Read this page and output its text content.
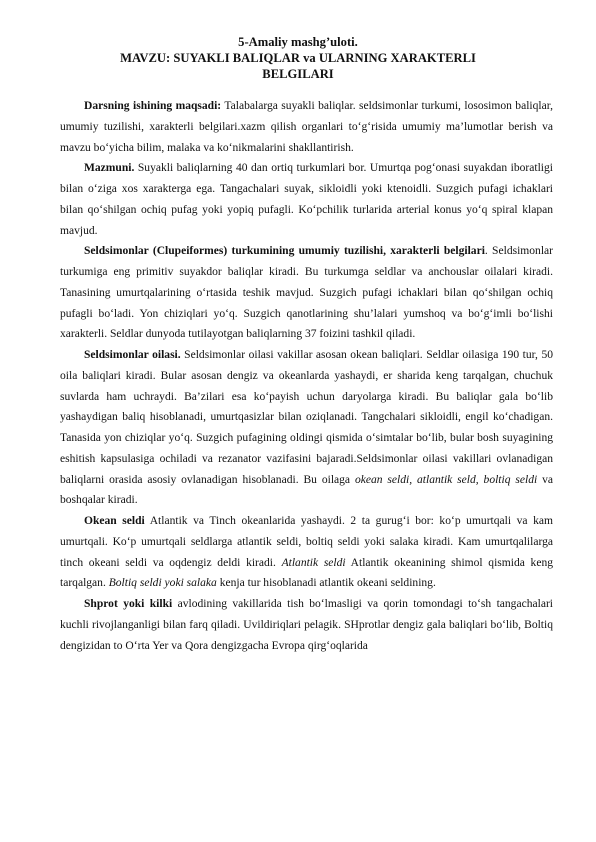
5-Amaliy mashg’uloti.
MAVZU: SUYAKLI BALIQLAR va ULARNING XARAKTERLI
BELGILARI

Darsning ishining maqsadi: Talabalarga suyakli baliqlar. seldsimonlar turkumi, lososimon baliqlar, umumiy tuzilishi, xarakterli belgilari.xazm qilish organlari to‘g‘risida umumiy ma’lumotlar berish va mavzu bo‘yicha bilim, malaka va ko‘nikmalarini shakllantirish.

Mazmuni. Suyakli baliqlarning 40 dan ortiq turkumlari bor. Umurtqa pog‘onasi suyakdan iboratligi bilan o‘ziga xos xarakterga ega. Tangachalari suyak, sikloidli yoki ktenoidli. Suzgich pufagi ichaklari bilan qo‘shilgan ochiq pufag yoki yopiq pufagli. Ko‘pchilik turlarida arterial konus yo‘q spiral klapan mavjud.

Seldsimonlar (Clupeiformes) turkumining umumiy tuzilishi, xarakterli belgilari. Seldsimonlar turkumiga eng primitiv suyakdor baliqlar kiradi. Bu turkumga seldlar va anchouslar oilalari kiradi. Tanasining umurtqalarining o‘rtasida teshik mavjud. Suzgich pufagi ichaklari bilan qo‘shilgan ochiq pufagli bo‘ladi. Yon chiziqlari yo‘q. Suzgich qanotlarining shu’lalari yumshoq va bo‘g‘imli bo‘lishi xarakterli. Seldlar dunyoda tutilayotgan baliqlarning 37 foizini tashkil qiladi.

Seldsimonlar oilasi. Seldsimonlar oilasi vakillar asosan okean baliqlari. Seldlar oilasiga 190 tur, 50 oila baliqlari kiradi. Bular asosan dengiz va okeanlarda yashaydi, er sharida keng tarqalgan, chuchuk suvlarda ham uchraydi. Ba’zilari esa ko‘payish uchun daryolarga kiradi. Bu baliqlar gala bo‘lib yashaydigan baliq hisoblanadi, umurtqasizlar bilan oziqlanadi. Tangchalari sikloidli, engil ko‘chadigan. Tanasida yon chiziqlar yo‘q. Suzgich pufagining oldingi qismida o‘simtalar bo‘lib, bular bosh suyagining eshitish kapsulasiga ochiladi va rezanator vazifasini bajaradi.Seldsimonlar oilasi vakillari ovlanadigan baliqlarni orasida asosiy ovlanadigan hisoblanadi. Bu oilaga okean seldi, atlantik seld, boltiq seldi va boshqalar kiradi.

Okean seldi Atlantik va Tinch okeanlarida yashaydi. 2 ta gurug‘i bor: ko‘p umurtqali va kam umurtqali. Ko‘p umurtqali seldlarga atlantik seldi, boltiq seldi yoki salaka kiradi. Kam umurtqalilarga tinch okeani seldi va oqdengiz deldi kiradi. Atlantik seldi Atlantik okeanining shimol qismida keng tarqalgan. Boltiq seldi yoki salaka kenja tur hisoblanadi atlantik okeani seldining.

Shprot yoki kilki avlodining vakillarida tish bo‘lmasligi va qorin tomondagi to‘sh tangachalari kuchli rivojlanganligi bilan farq qiladi. Uvildiriqlari pelagik. SHprotlar dengiz gala baliqlari bo‘lib, Boltiq dengizidan to O‘rta Yer va Qora dengizgacha Evropa qirg‘oqlarida
